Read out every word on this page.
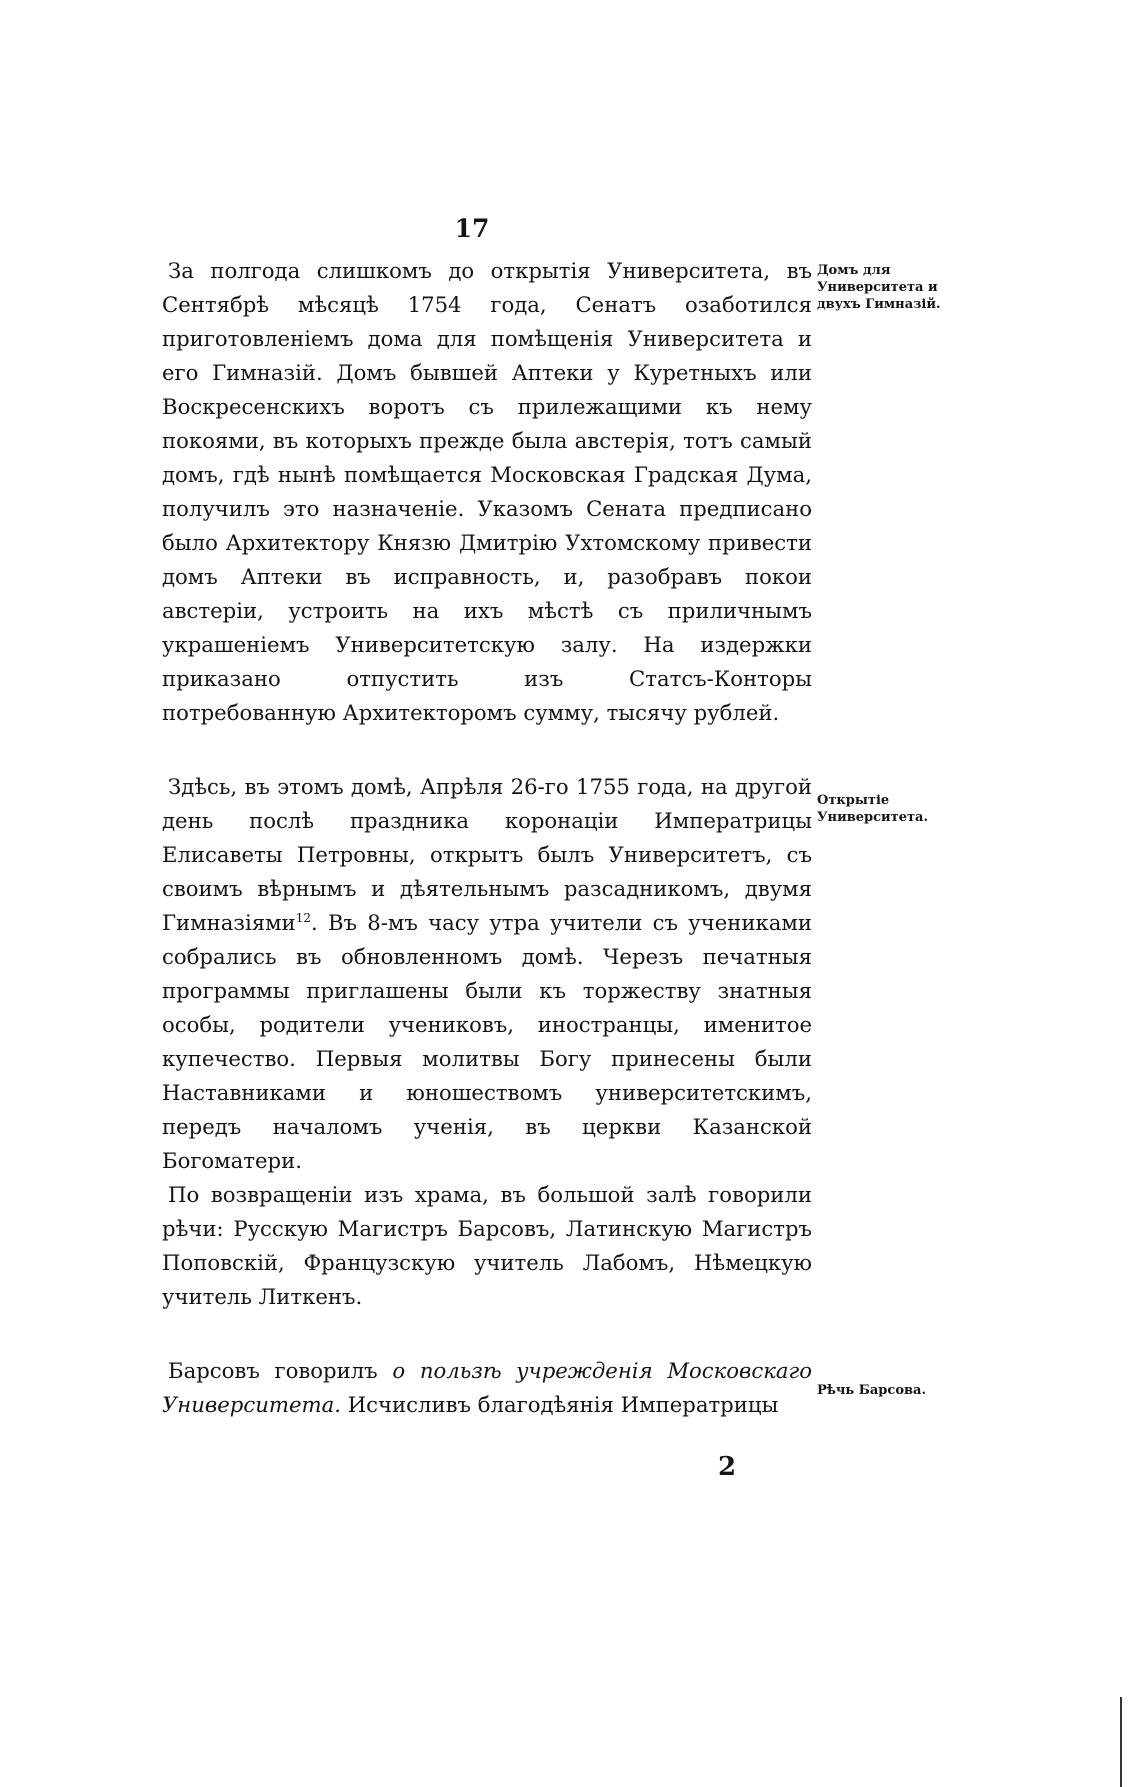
17

За полгода слишкомъ до открытія Университета, въ Сентябрѣ мѣсяцѣ 1754 года, Сенатъ озаботился приготовленіемъ дома для помѣщенія Университета и его Гимназій. Домъ бывшей Аптеки у Куретныхъ или Воскресенскихъ воротъ съ прилежащими къ нему покоями, въ которыхъ прежде была австерія, тотъ самый домъ, гдѣ нынѣ помѣщается Московская Градская Дума, получилъ это назначеніе. Указомъ Сената предписано было Архитектору Князю Дмитрію Ухтомскому привести домъ Аптеки въ исправность, и, разобравъ покои австеріи, устроить на ихъ мѣстѣ съ приличнымъ украшеніемъ Университетскую залу. На издержки приказано отпустить изъ Статсъ-Конторы потребованную Архитекторомъ сумму, тысячу рублей.

Здѣсь, въ этомъ домѣ, Апрѣля 26-го 1755 года, на другой день послѣ праздника коронаціи Императрицы Елисаветы Петровны, открытъ былъ Университетъ, съ своимъ вѣрнымъ и дѣятельнымъ разсадникомъ, двумя Гимназіями$^{12}$. Въ 8-мъ часу утра учители съ учениками собрались въ обновленномъ домѣ. Черезъ печатныя программы приглашены были къ торжеству знатныя особы, родители учениковъ, иностранцы, именитое купечество. Первыя молитвы Богу принесены были Наставниками и юношествомъ университетскимъ, передъ началомъ ученія, въ церкви Казанской Богоматери.

По возвращеніи изъ храма, въ большой залѣ говорили рѣчи: Русскую Магистръ Барсовъ, Латинскую Магистръ Поповскій, Французскую учитель Лабомъ, Нѣмецкую учитель Литкенъ.

Барсовъ говорилъ о пользѣ учрежденія Московскаго Университета. Исчисливъ благодѣянія Императрицы

Домъ для Университета и двухъ Гимназій.
Открытіе Университета.
Рѣчь Барсова.
2
